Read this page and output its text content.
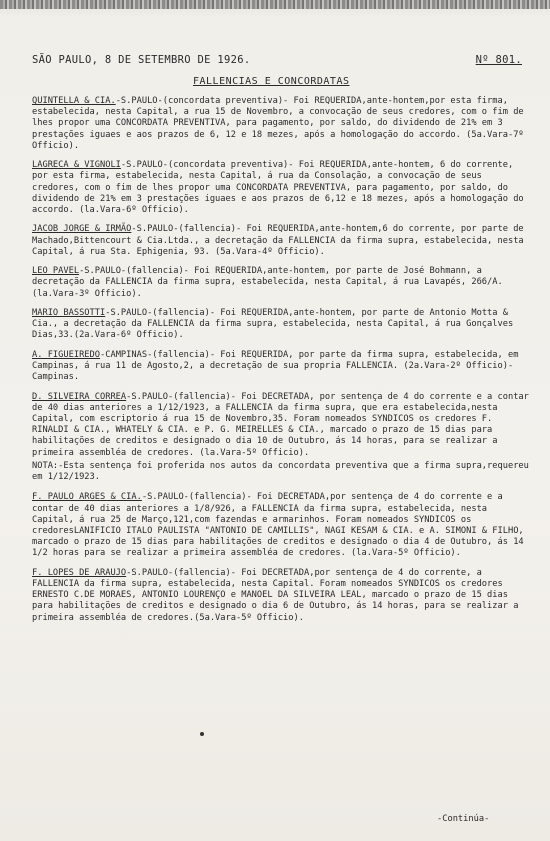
SÃO PAULO, 8 DE SETEMBRO DE 1926.	Nº 801.
FALLENCIAS E CONCORDATAS

QUINTELLA & CIA.-S.PAULO-(concordata preventiva)- Foi REQUERIDA,ante-hontem,por esta firma, estabelecida, nesta Capital, a rua 15 de Novembro, a convocação de seus credores, com o fim de lhes propor uma CONCORDATA PREVENTIVA, para pagamento, por saldo, do dividendo de 21% em 3 prestações iguaes e aos prazos de 6, 12 e 18 mezes, após a homologação do accordo. (5a.Vara-7º Officio).

LAGRECA & VIGNOLI-S.PAULO-(concordata preventiva)- Foi REQUERIDA,ante-hontem, 6 do corrente, por esta firma, estabelecida, nesta Capital, á rua da Consolação, a convocação de seus credores, com o fim de lhes propor uma CONCORDATA PREVENTIVA, para pagamento, por saldo, do dividendo de 21% em 3 prestações iguaes e aos prazos de 6,12 e 18 mezes, após a homologação do accordo. (la.Vara-6º Officio).

JACOB JORGE & IRMÃO-S.PAULO-(fallencia)- Foi REQUERIDA,ante-hontem,6 do corrente, por parte de Machado,Bittencourt & Cia.Ltda., a decretação da FALLENCIA da firma supra, estabelecida, nesta Capital, á rua Sta. Ephigenia, 93. (5a.Vara-4º Officio).

LEO PAVEL-S.PAULO-(fallencia)- Foi REQUERIDA,ante-hontem, por parte de José Bohmann, a decretação da FALLENCIA da firma supra, estabelecida, nesta Capital, á rua Lavapés, 266/A. (la.Vara-3º Officio).

MARIO BASSOTTI-S.PAULO-(fallencia)- Foi REQUERIDA,ante-hontem, por parte de Antonio Motta & Cia., a decretação da FALLENCIA da firma supra, estabelecida, nesta Capital, á rua Gonçalves Dias,33.(2a.Vara-6º Officio).

A. FIGUEIREDO-CAMPINAS-(fallencia)- Foi REQUERIDA, por parte da firma supra, estabelecida, em Campinas, á rua 11 de Agosto,2, a decretação de sua propria FALLENCIA. (2a.Vara-2º Officio)-Campinas.

D. SILVEIRA CORREA-S.PAULO-(fallencia)- Foi DECRETADA, por sentença de 4 do corrente e a contar de 40 dias anteriores a 1/12/1923, a FALLENCIA da firma supra, que era estabelecida,nesta Capital, com escriptorio á rua 15 de Novembro,35. Foram nomeados SYNDICOS os credores F. RINALDI & CIA., WHATELY & CIA. e P. G. MEIRELLES & CIA., marcado o prazo de 15 dias para habilitações de creditos e designado o dia 10 de Outubro, ás 14 horas, para se realizar a primeira assembléa de credores. (la.Vara-5º Officio).

NOTA:-Esta sentença foi proferida nos autos da concordata preventiva que a firma supra,requereu em 1/12/1923.

F. PAULO ARGES & CIA.-S.PAULO-(fallencia)- Foi DECRETADA,por sentença de 4 do corrente e a contar de 40 dias anteriores a 1/8/926, a FALLENCIA da firma supra, estabelecida, nesta Capital, á rua 25 de Março,121,com fazendas e armarinhos. Foram nomeados SYNDICOS os credoresLANIFICIO ITALO PAULISTA "ANTONIO DE CAMILLIS", NAGI KESAM & CIA. e A. SIMONI & FILHO, marcado o prazo de 15 dias para habilitações de creditos e designado o dia 4 de Outubro, ás 14 1/2 horas para se realizar a primeira assembléa de credores. (la.Vara-5º Officio).

F. LOPES DE ARAUJO-S.PAULO-(fallencia)- Foi DECRETADA,por sentença de 4 do corrente, a FALLENCIA da firma supra, estabelecida, nesta Capital. Foram nomeados SYNDICOS os credores ERNESTO C.DE MORAES, ANTONIO LOURENÇO e MANOEL DA SILVEIRA LEAL, marcado o prazo de 15 dias para habilitações de creditos e designado o dia 6 de Outubro, ás 14 horas, para se realizar a primeira assembléa de credores.(5a.Vara-5º Officio).

-Continúa-
